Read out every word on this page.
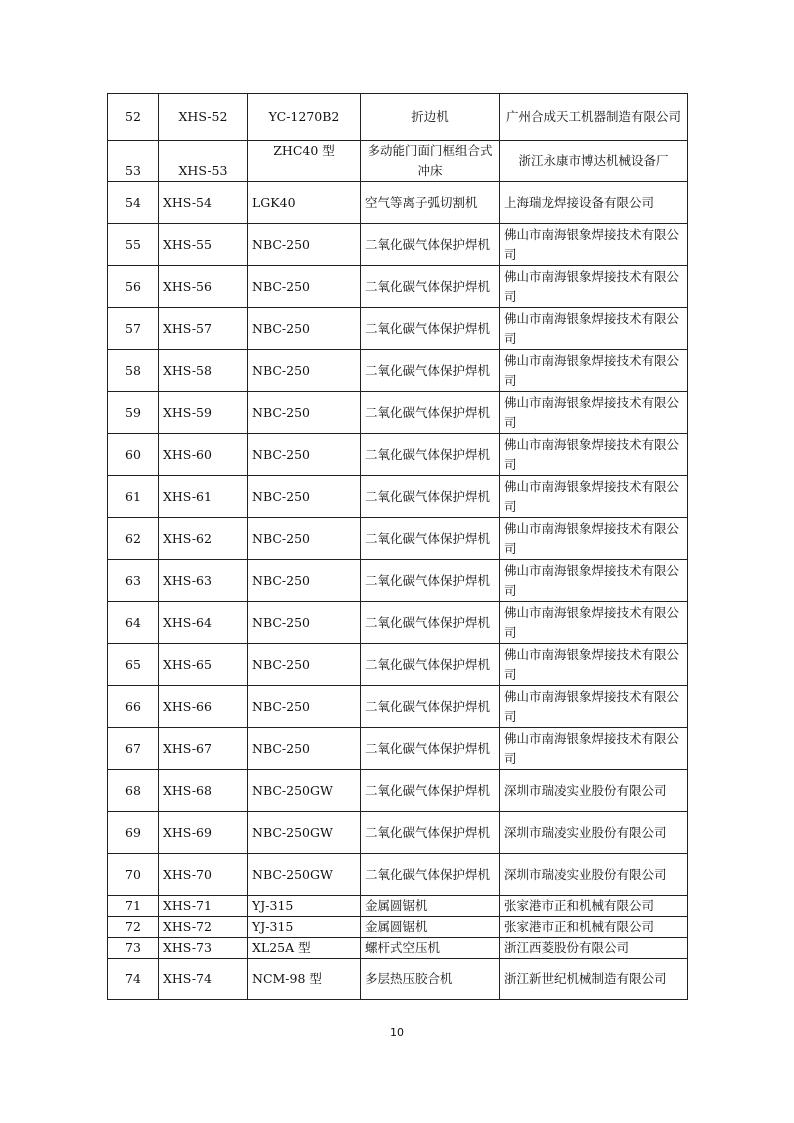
52	XHS-52	YC-1270B2	折边机	广州合成天工机器制造有限公司
53	XHS-53	ZHC40 型	多动能门面门框组合式冲床	浙江永康市博达机械设备厂
54	XHS-54	LGK40	空气等离子弧切割机	上海瑞龙焊接设备有限公司
55	XHS-55	NBC-250	二氧化碳气体保护焊机	佛山市南海银象焊接技术有限公司
56	XHS-56	NBC-250	二氧化碳气体保护焊机	佛山市南海银象焊接技术有限公司
57	XHS-57	NBC-250	二氧化碳气体保护焊机	佛山市南海银象焊接技术有限公司
58	XHS-58	NBC-250	二氧化碳气体保护焊机	佛山市南海银象焊接技术有限公司
59	XHS-59	NBC-250	二氧化碳气体保护焊机	佛山市南海银象焊接技术有限公司
60	XHS-60	NBC-250	二氧化碳气体保护焊机	佛山市南海银象焊接技术有限公司
61	XHS-61	NBC-250	二氧化碳气体保护焊机	佛山市南海银象焊接技术有限公司
62	XHS-62	NBC-250	二氧化碳气体保护焊机	佛山市南海银象焊接技术有限公司
63	XHS-63	NBC-250	二氧化碳气体保护焊机	佛山市南海银象焊接技术有限公司
64	XHS-64	NBC-250	二氧化碳气体保护焊机	佛山市南海银象焊接技术有限公司
65	XHS-65	NBC-250	二氧化碳气体保护焊机	佛山市南海银象焊接技术有限公司
66	XHS-66	NBC-250	二氧化碳气体保护焊机	佛山市南海银象焊接技术有限公司
67	XHS-67	NBC-250	二氧化碳气体保护焊机	佛山市南海银象焊接技术有限公司
68	XHS-68	NBC-250GW	二氧化碳气体保护焊机	深圳市瑞凌实业股份有限公司
69	XHS-69	NBC-250GW	二氧化碳气体保护焊机	深圳市瑞凌实业股份有限公司
70	XHS-70	NBC-250GW	二氧化碳气体保护焊机	深圳市瑞凌实业股份有限公司
71	XHS-71	YJ-315	金属圆锯机	张家港市正和机械有限公司
72	XHS-72	YJ-315	金属圆锯机	张家港市正和机械有限公司
73	XHS-73	XL25A 型	螺杆式空压机	浙江西菱股份有限公司
74	XHS-74	NCM-98 型	多层热压胶合机	浙江新世纪机械制造有限公司
10
